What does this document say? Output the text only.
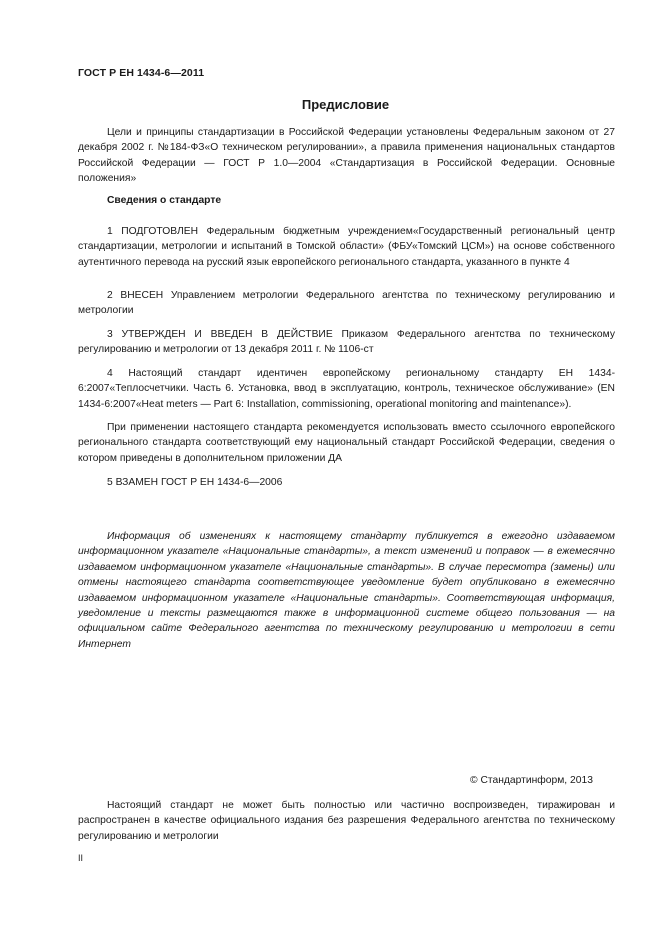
ГОСТ Р ЕН 1434-6—2011
Предисловие

Цели и принципы стандартизации в Российской Федерации установлены Федеральным законом от 27 декабря 2002 г. №184-ФЗ«О техническом регулировании», а правила применения национальных стандартов Российской Федерации — ГОСТ Р 1.0—2004 «Стандартизация в Российской Федерации. Основные положения»

Сведения о стандарте

1 ПОДГОТОВЛЕН Федеральным бюджетным учреждением«Государственный региональный центр стандартизации, метрологии и испытаний в Томской области» (ФБУ«Томский ЦСМ») на основе собственного аутентичного перевода на русский язык европейского регионального стандарта, указанного в пункте 4

2 ВНЕСЕН Управлением метрологии Федерального агентства по техническому регулированию и метрологии

3 УТВЕРЖДЕН И ВВЕДЕН В ДЕЙСТВИЕ Приказом Федерального агентства по техническому регулированию и метрологии от 13 декабря 2011 г. № 1106-ст

4 Настоящий стандарт идентичен европейскому региональному стандарту ЕН 1434-6:2007«Теплосчетчики. Часть 6. Установка, ввод в эксплуатацию, контроль, техническое обслуживание» (EN 1434-6:2007«Heat meters — Part 6: Installation, commissioning, operational monitoring and maintenance»).

При применении настоящего стандарта рекомендуется использовать вместо ссылочного европейского регионального стандарта соответствующий ему национальный стандарт Российской Федерации, сведения о котором приведены в дополнительном приложении ДА

5 ВЗАМЕН ГОСТ Р ЕН 1434-6—2006

Информация об изменениях к настоящему стандарту публикуется в ежегодно издаваемом информационном указателе «Национальные стандарты», а текст изменений и поправок — в ежемесячно издаваемом информационном указателе «Национальные стандарты». В случае пересмотра (замены) или отмены настоящего стандарта соответствующее уведомление будет опубликовано в ежемесячно издаваемом информационном указателе «Национальные стандарты». Соответствующая информация, уведомление и тексты размещаются также в информационной системе общего пользования — на официальном сайте Федерального агентства по техническому регулированию и метрологии в сети Интернет

© Стандартинформ, 2013

Настоящий стандарт не может быть полностью или частично воспроизведен, тиражирован и распространен в качестве официального издания без разрешения Федерального агентства по техническому регулированию и метрологии

II
